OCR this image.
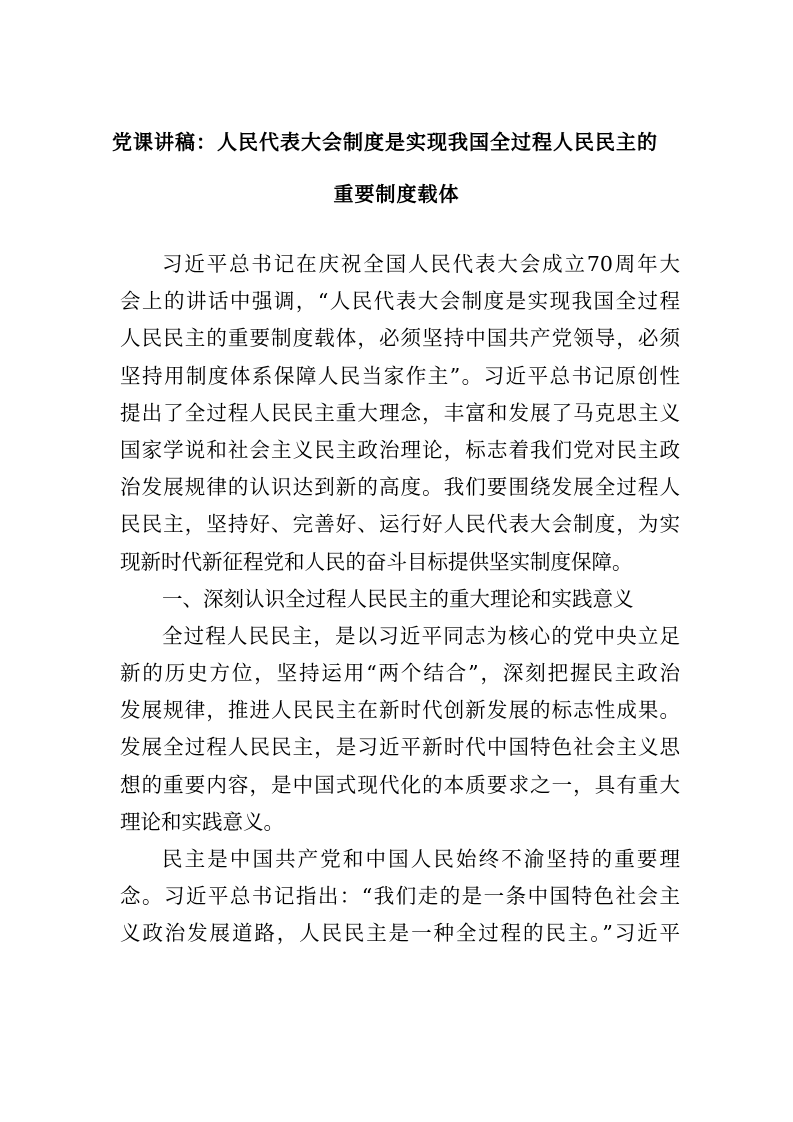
党课讲稿：人民代表大会制度是实现我国全过程人民民主的
重要制度载体
习近平总书记在庆祝全国人民代表大会成立70周年大
会上的讲话中强调，“人民代表大会制度是实现我国全过程
人民民主的重要制度载体，必须坚持中国共产党领导，必须
坚持用制度体系保障人民当家作主”。习近平总书记原创性
提出了全过程人民民主重大理念，丰富和发展了马克思主义
国家学说和社会主义民主政治理论，标志着我们党对民主政
治发展规律的认识达到新的高度。我们要围绕发展全过程人
民民主，坚持好、完善好、运行好人民代表大会制度，为实
现新时代新征程党和人民的奋斗目标提供坚实制度保障。
一、深刻认识全过程人民民主的重大理论和实践意义
全过程人民民主，是以习近平同志为核心的党中央立足
新的历史方位，坚持运用“两个结合”，深刻把握民主政治
发展规律，推进人民民主在新时代创新发展的标志性成果。
发展全过程人民民主，是习近平新时代中国特色社会主义思
想的重要内容，是中国式现代化的本质要求之一，具有重大
理论和实践意义。
民主是中国共产党和中国人民始终不渝坚持的重要理
念。习近平总书记指出：“我们走的是一条中国特色社会主
义政治发展道路，人民民主是一种全过程的民主。”习近平
